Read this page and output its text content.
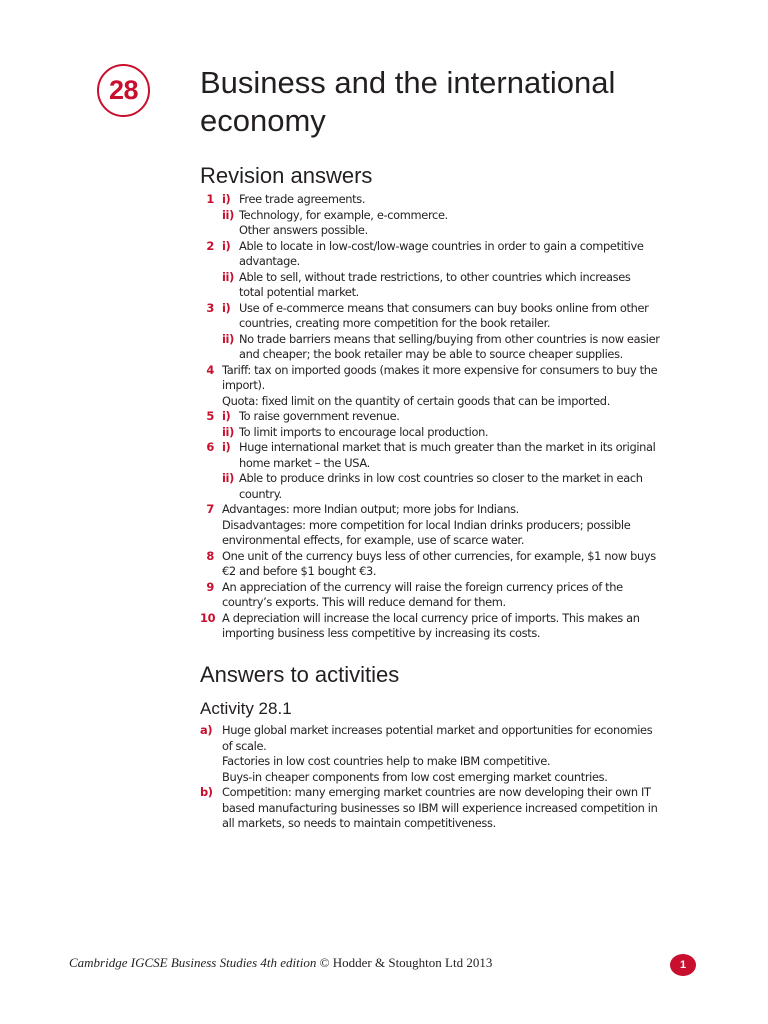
28	Business and the international economy
Revision answers
1 i) Free trade agreements.
ii) Technology, for example, e-commerce.
Other answers possible.
2 i) Able to locate in low-cost/low-wage countries in order to gain a competitive
advantage.
ii) Able to sell, without trade restrictions, to other countries which increases
total potential market.
3 i) Use of e-commerce means that consumers can buy books online from other
countries, creating more competition for the book retailer.
ii) No trade barriers means that selling/buying from other countries is now easier
and cheaper; the book retailer may be able to source cheaper supplies.
4 Tariff: tax on imported goods (makes it more expensive for consumers to buy the
import).
Quota: fixed limit on the quantity of certain goods that can be imported.
5 i) To raise government revenue.
ii) To limit imports to encourage local production.
6 i) Huge international market that is much greater than the market in its original
home market – the USA.
ii) Able to produce drinks in low cost countries so closer to the market in each
country.
7 Advantages: more Indian output; more jobs for Indians.
Disadvantages: more competition for local Indian drinks producers; possible
environmental effects, for example, use of scarce water.
8 One unit of the currency buys less of other currencies, for example, $1 now buys
€2 and before $1 bought €3.
9 An appreciation of the currency will raise the foreign currency prices of the
country’s exports. This will reduce demand for them.
10 A depreciation will increase the local currency price of imports. This makes an
importing business less competitive by increasing its costs.
Answers to activities
Activity 28.1
a) Huge global market increases potential market and opportunities for economies
of scale.
Factories in low cost countries help to make IBM competitive.
Buys-in cheaper components from low cost emerging market countries.
b) Competition: many emerging market countries are now developing their own IT
based manufacturing businesses so IBM will experience increased competition in
all markets, so needs to maintain competitiveness.
Cambridge IGCSE Business Studies 4th edition © Hodder & Stoughton Ltd 2013	1
